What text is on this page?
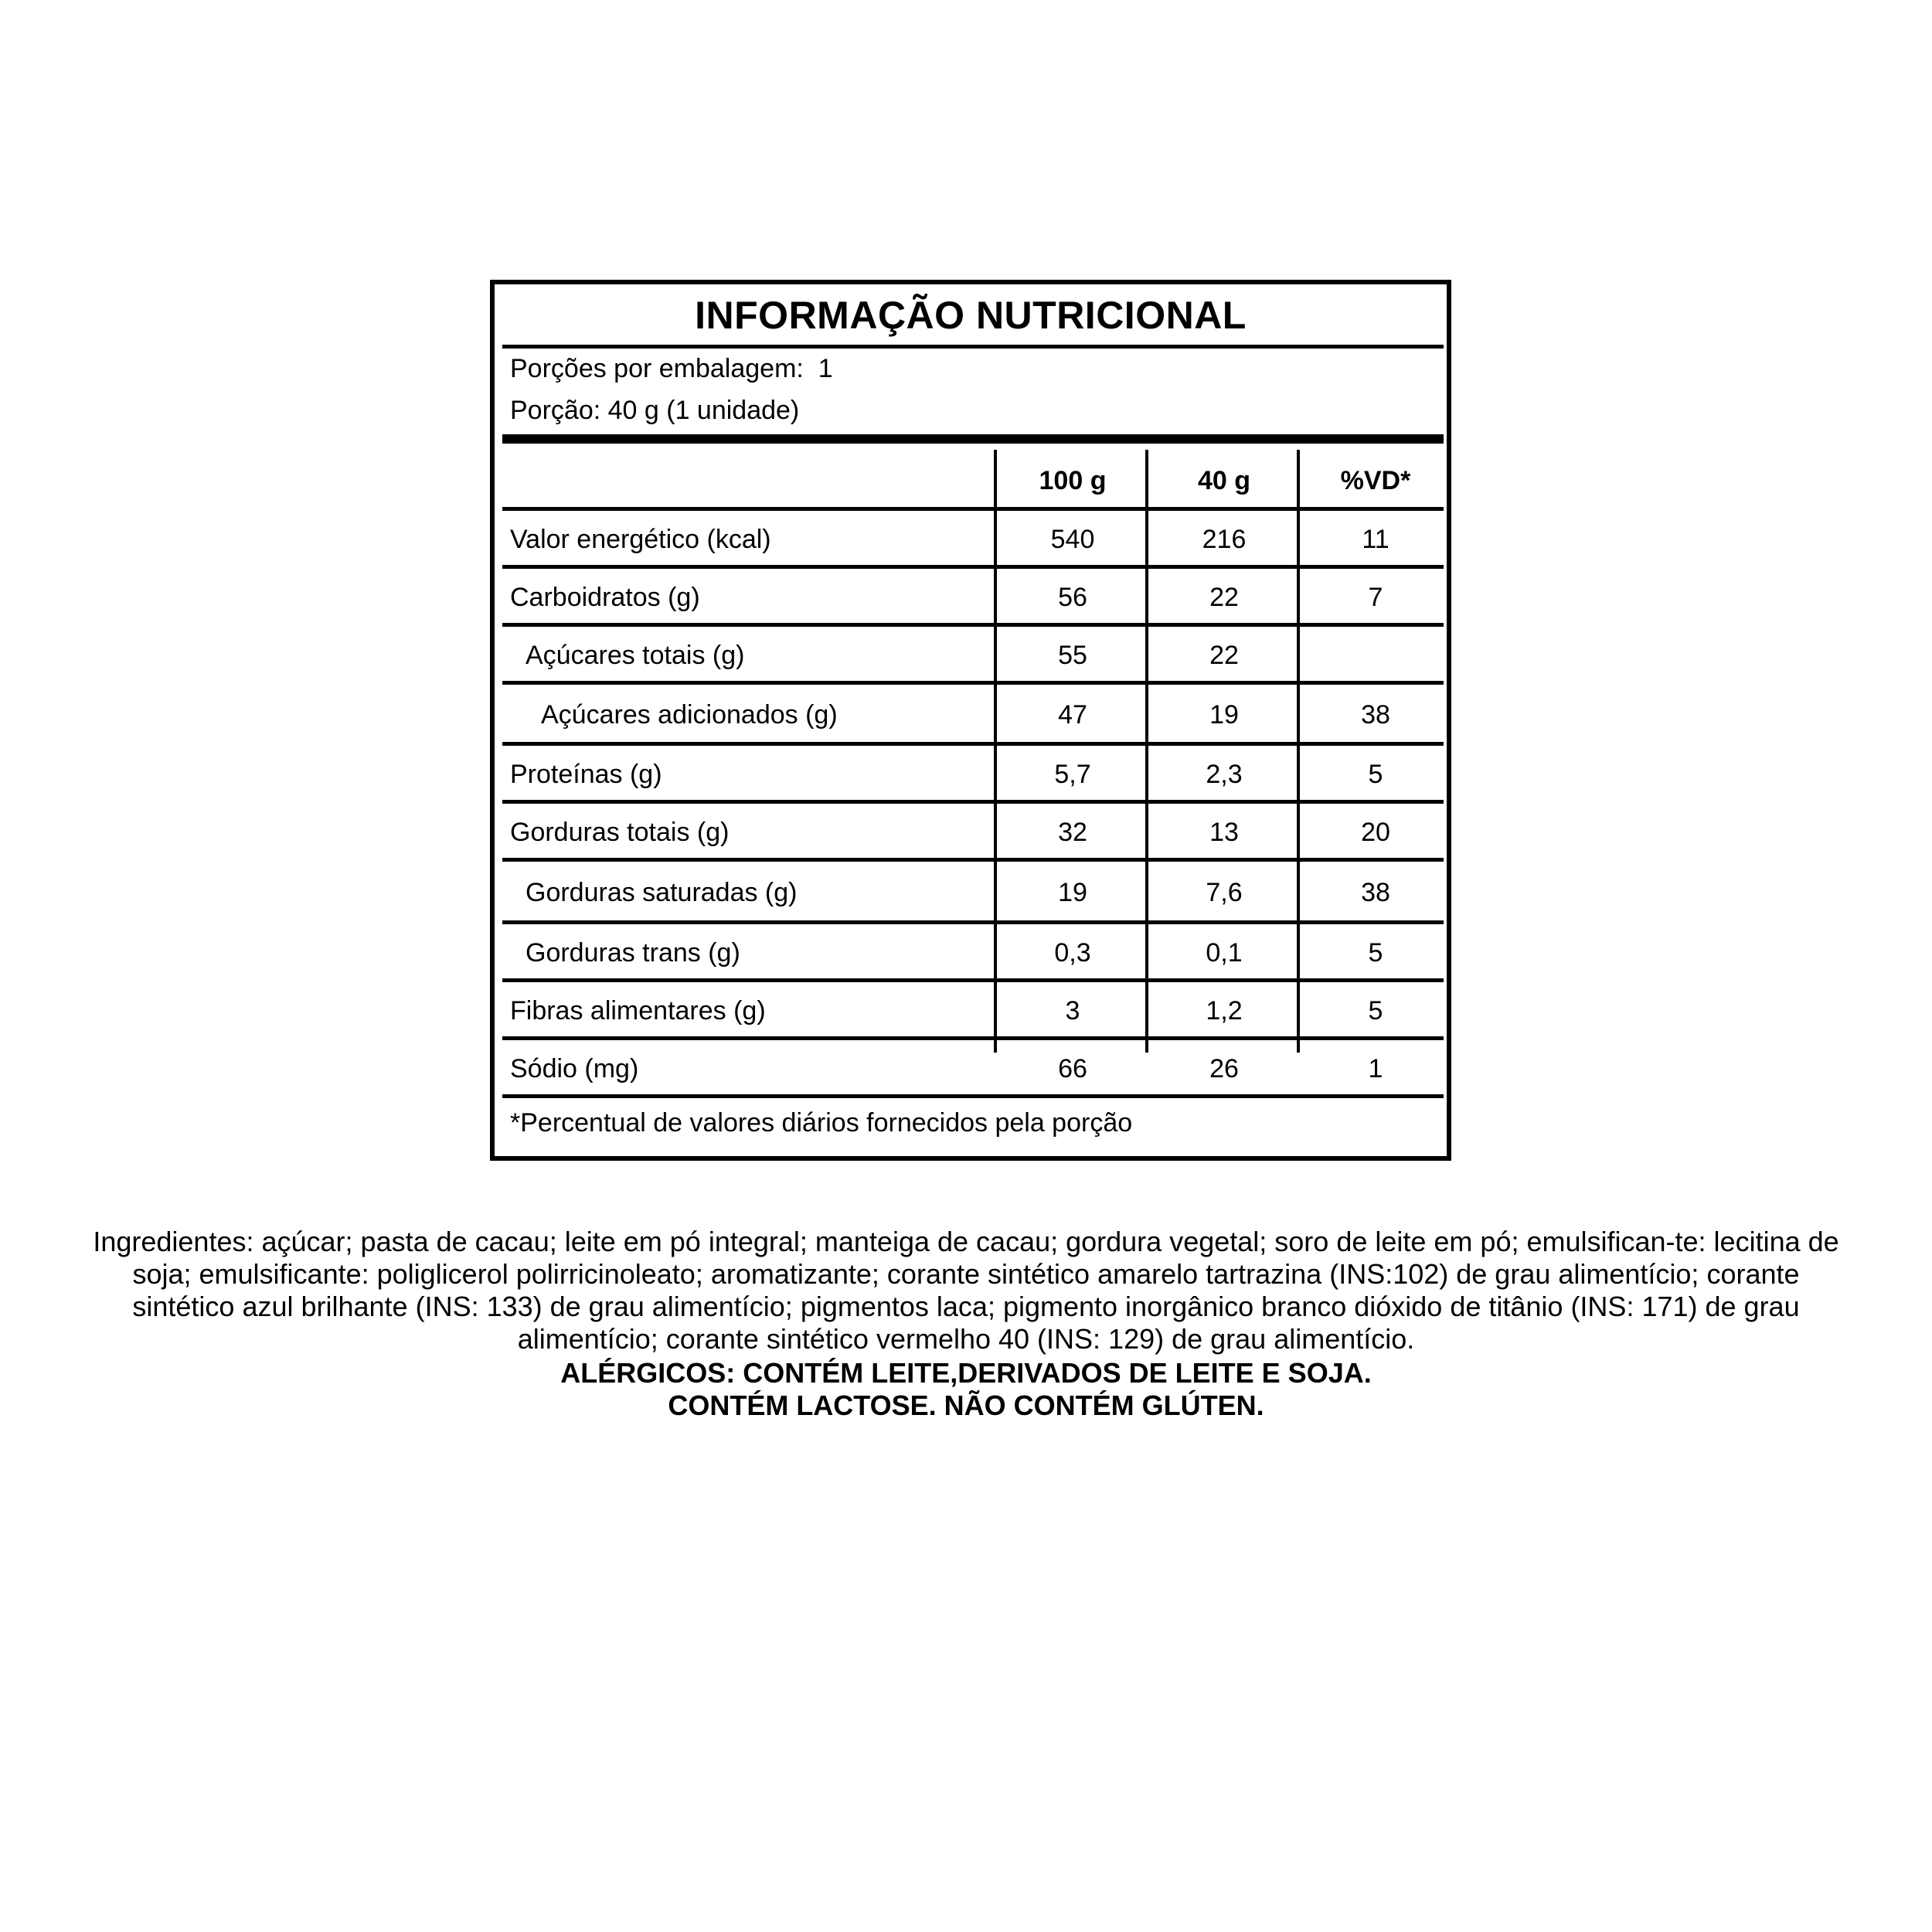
INFORMAÇÃO NUTRICIONAL
Porções por embalagem:  1
Porção: 40 g (1 unidade)
100 g	40 g	%VD*
Valor energético (kcal)	540	216	11
Carboidratos (g)	56	22	7
Açúcares totais (g)	55	22
Açúcares adicionados (g)	47	19	38
Proteínas (g)	5,7	2,3	5
Gorduras totais (g)	32	13	20
Gorduras saturadas (g)	19	7,6	38
Gorduras trans (g)	0,3	0,1	5
Fibras alimentares (g)	3	1,2	5
Sódio (mg)	66	26	1
*Percentual de valores diários fornecidos pela porção
Ingredientes: açúcar; pasta de cacau; leite em pó integral; manteiga de cacau; gordura vegetal; soro de leite em pó; emulsifican-te: lecitina de soja; emulsificante: poliglicerol polirricinoleato; aromatizante; corante sintético amarelo tartrazina (INS:102) de grau alimentício; corante sintético azul brilhante (INS: 133) de grau alimentício; pigmentos laca; pigmento inorgânico branco dióxido de titânio (INS: 171) de grau alimentício; corante sintético vermelho 40 (INS: 129) de grau alimentício.
ALÉRGICOS: CONTÉM LEITE,DERIVADOS DE LEITE E SOJA.
CONTÉM LACTOSE. NÃO CONTÉM GLÚTEN.
